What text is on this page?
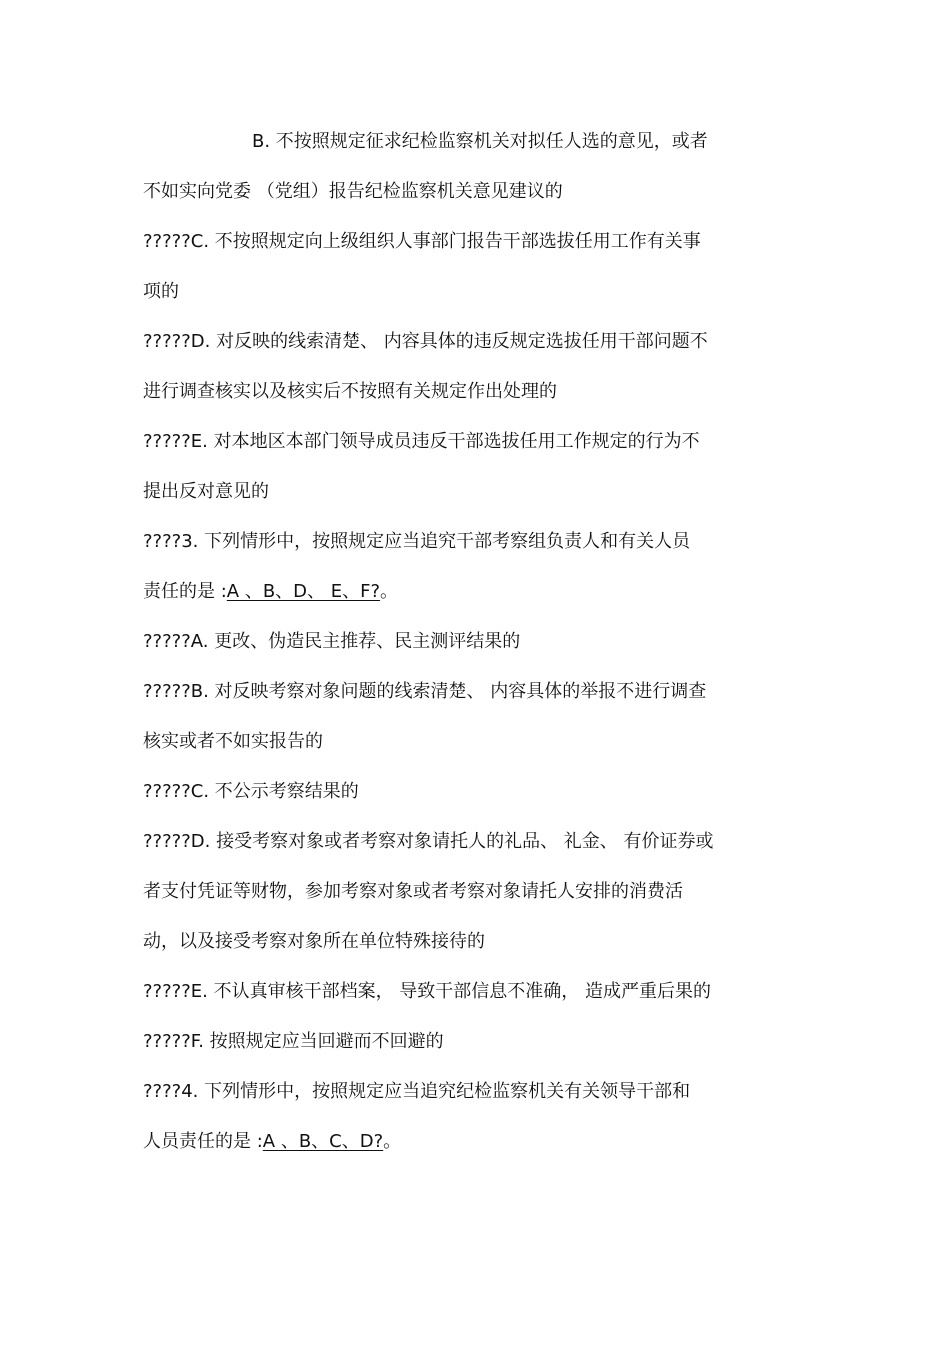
B. 不按照规定征求纪检监察机关对拟任人选的意见，或者
不如实向党委 （党组）报告纪检监察机关意见建议的
?????C. 不按照规定向上级组织人事部门报告干部选拔任用工作有关事
项的
?????D. 对反映的线索清楚、 内容具体的违反规定选拔任用干部问题不
进行调查核实以及核实后不按照有关规定作出处理的
?????E. 对本地区本部门领导成员违反干部选拔任用工作规定的行为不
提出反对意见的
????3. 下列情形中，按照规定应当追究干部考察组负责人和有关人员
责任的是 :A 、B、D、 E、F?。
?????A. 更改、伪造民主推荐、民主测评结果的
?????B. 对反映考察对象问题的线索清楚、 内容具体的举报不进行调查
核实或者不如实报告的
?????C. 不公示考察结果的
?????D. 接受考察对象或者考察对象请托人的礼品、 礼金、 有价证券或
者支付凭证等财物，参加考察对象或者考察对象请托人安排的消费活
动，以及接受考察对象所在单位特殊接待的
?????E. 不认真审核干部档案， 导致干部信息不准确， 造成严重后果的
?????F. 按照规定应当回避而不回避的
????4. 下列情形中，按照规定应当追究纪检监察机关有关领导干部和
人员责任的是 :A 、B、C、D?。
